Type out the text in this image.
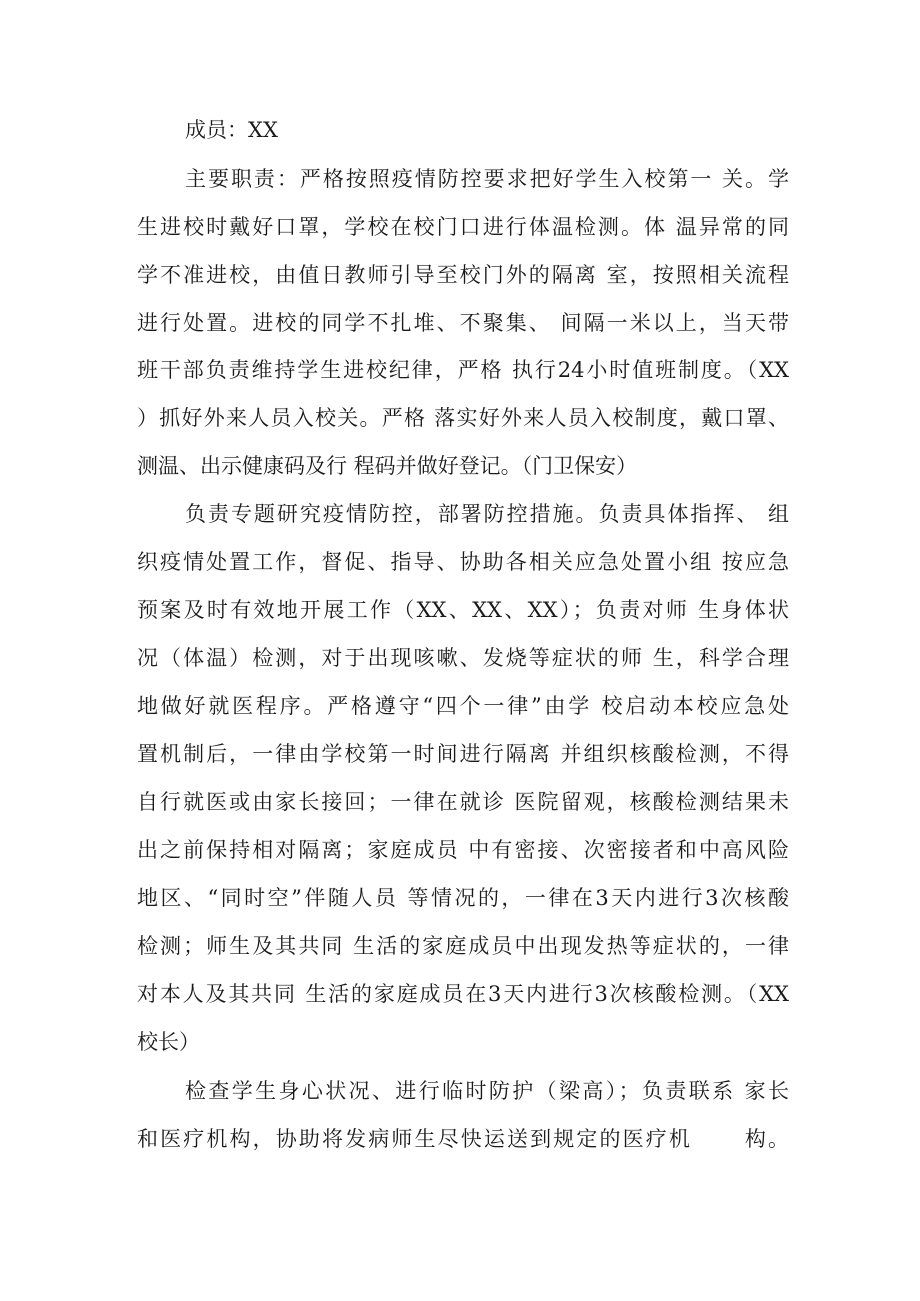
成员：XX
主要职责：严格按照疫情防控要求把好学生入校第一 关。学
生进校时戴好口罩，学校在校门口进行体温检测。体 温异常的同
学不准进校，由值日教师引导至校门外的隔离 室，按照相关流程
进行处置。进校的同学不扎堆、不聚集、 间隔一米以上，当天带
班干部负责维持学生进校纪律，严格 执行24小时值班制度。（XX
）抓好外来人员入校关。严格 落实好外来人员入校制度，戴口罩、
测温、出示健康码及行 程码并做好登记。（门卫保安）
负责专题研究疫情防控，部署防控措施。负责具体指挥、 组
织疫情处置工作，督促、指导、协助各相关应急处置小组 按应急
预案及时有效地开展工作（XX、XX、XX）；负责对师 生身体状
况（体温）检测，对于出现咳嗽、发烧等症状的师 生，科学合理
地做好就医程序。严格遵守“四个一律”由学 校启动本校应急处
置机制后，一律由学校第一时间进行隔离 并组织核酸检测，不得
自行就医或由家长接回；一律在就诊 医院留观，核酸检测结果未
出之前保持相对隔离；家庭成员 中有密接、次密接者和中高风险
地区、“同时空”伴随人员 等情况的，一律在3天内进行3次核酸
检测；师生及其共同 生活的家庭成员中出现发热等症状的，一律
对本人及其共同 生活的家庭成员在3天内进行3次核酸检测。（XX
校长）
检查学生身心状况、进行临时防护（梁高）；负责联系 家长
和医疗机构，协助将发病师生尽快运送到规定的医疗机      构。
